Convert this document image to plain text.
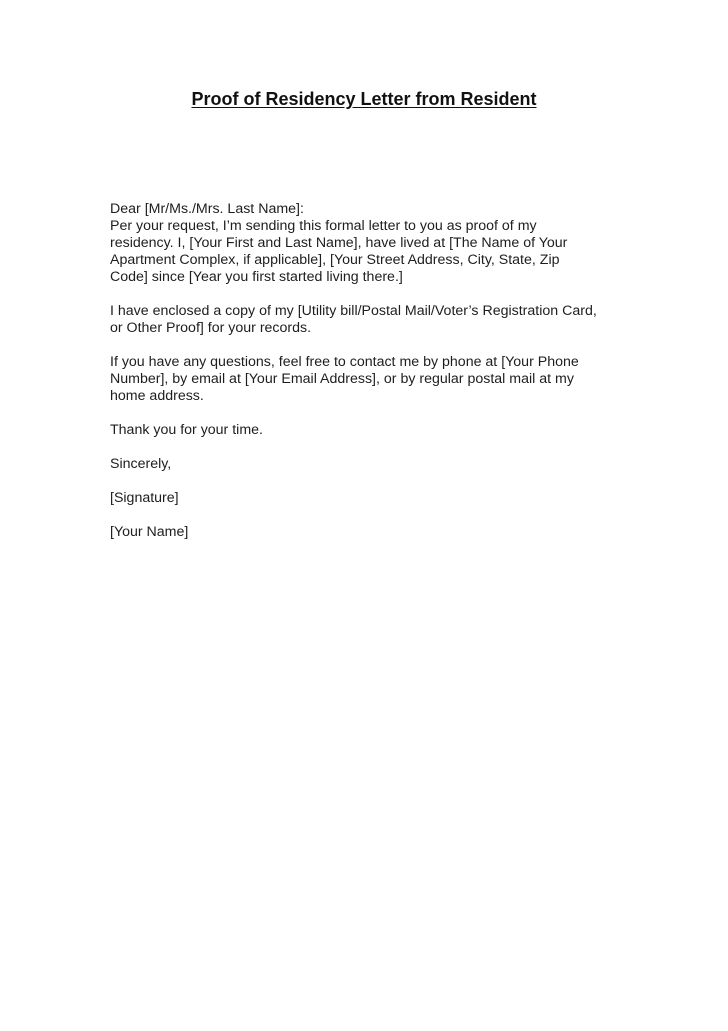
Proof of Residency Letter from Resident
Dear [Mr/Ms./Mrs. Last Name]:
Per your request, I’m sending this formal letter to you as proof of my
residency. I, [Your First and Last Name], have lived at [The Name of Your
Apartment Complex, if applicable], [Your Street Address, City, State, Zip
Code] since [Year you first started living there.]
I have enclosed a copy of my [Utility bill/Postal Mail/Voter’s Registration Card,
or Other Proof] for your records.
If you have any questions, feel free to contact me by phone at [Your Phone
Number], by email at [Your Email Address], or by regular postal mail at my
home address.
Thank you for your time.
Sincerely,
[Signature]
[Your Name]
